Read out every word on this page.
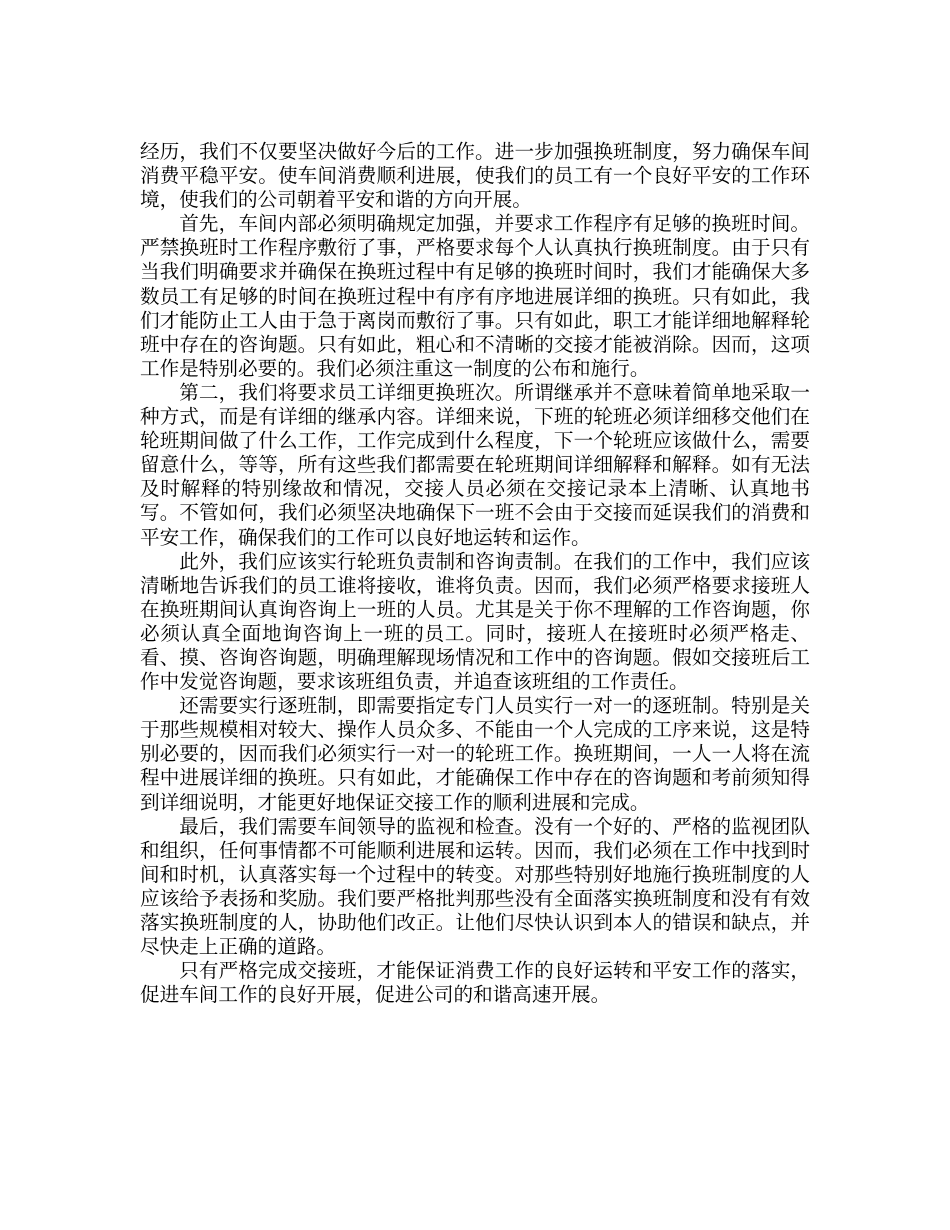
经历，我们不仅要坚决做好今后的工作。进一步加强换班制度，努力确保车间消费平稳平安。使车间消费顺利进展，使我们的员工有一个良好平安的工作环境，使我们的公司朝着平安和谐的方向开展。

首先，车间内部必须明确规定加强，并要求工作程序有足够的换班时间。严禁换班时工作程序敷衍了事，严格要求每个人认真执行换班制度。由于只有当我们明确要求并确保在换班过程中有足够的换班时间时，我们才能确保大多数员工有足够的时间在换班过程中有序有序地进展详细的换班。只有如此，我们才能防止工人由于急于离岗而敷衍了事。只有如此，职工才能详细地解释轮班中存在的咨询题。只有如此，粗心和不清晰的交接才能被消除。因而，这项工作是特别必要的。我们必须注重这一制度的公布和施行。

第二，我们将要求员工详细更换班次。所谓继承并不意味着简单地采取一种方式，而是有详细的继承内容。详细来说，下班的轮班必须详细移交他们在轮班期间做了什么工作，工作完成到什么程度，下一个轮班应该做什么，需要留意什么，等等，所有这些我们都需要在轮班期间详细解释和解释。如有无法及时解释的特别缘故和情况，交接人员必须在交接记录本上清晰、认真地书写。不管如何，我们必须坚决地确保下一班不会由于交接而延误我们的消费和平安工作，确保我们的工作可以良好地运转和运作。

此外，我们应该实行轮班负责制和咨询责制。在我们的工作中，我们应该清晰地告诉我们的员工谁将接收，谁将负责。因而，我们必须严格要求接班人在换班期间认真询咨询上一班的人员。尤其是关于你不理解的工作咨询题，你必须认真全面地询咨询上一班的员工。同时，接班人在接班时必须严格走、看、摸、咨询咨询题，明确理解现场情况和工作中的咨询题。假如交接班后工作中发觉咨询题，要求该班组负责，并追查该班组的工作责任。

还需要实行逐班制，即需要指定专门人员实行一对一的逐班制。特别是关于那些规模相对较大、操作人员众多、不能由一个人完成的工序来说，这是特别必要的，因而我们必须实行一对一的轮班工作。换班期间，一人一人将在流程中进展详细的换班。只有如此，才能确保工作中存在的咨询题和考前须知得到详细说明，才能更好地保证交接工作的顺利进展和完成。

最后，我们需要车间领导的监视和检查。没有一个好的、严格的监视团队和组织，任何事情都不可能顺利进展和运转。因而，我们必须在工作中找到时间和时机，认真落实每一个过程中的转变。对那些特别好地施行换班制度的人应该给予表扬和奖励。我们要严格批判那些没有全面落实换班制度和没有有效落实换班制度的人，协助他们改正。让他们尽快认识到本人的错误和缺点，并尽快走上正确的道路。

只有严格完成交接班，才能保证消费工作的良好运转和平安工作的落实，促进车间工作的良好开展，促进公司的和谐高速开展。
